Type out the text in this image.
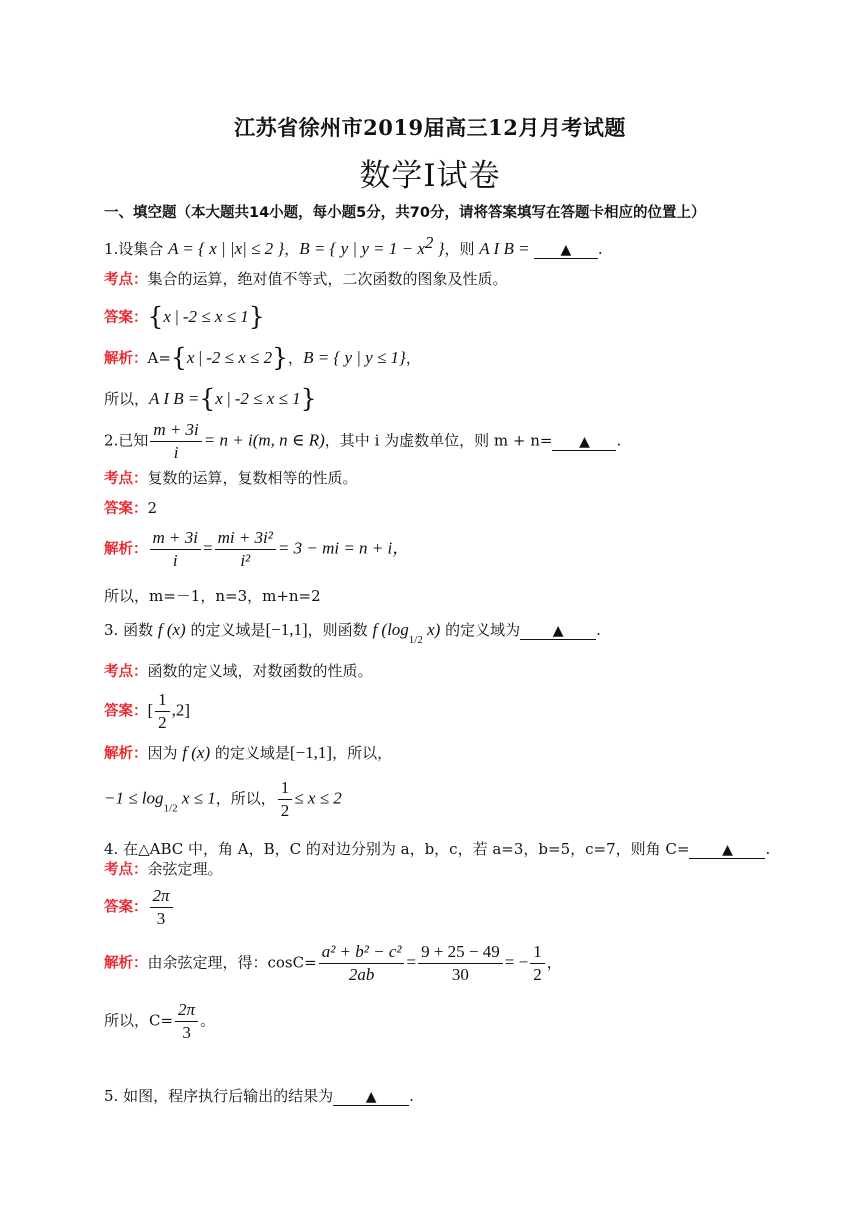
江苏省徐州市2019届高三12月月考试题
数学Ⅰ试卷
一、填空题（本大题共14小题，每小题5分，共70分，请将答案填写在答题卡相应的位置上）
1.设集合 A = { x | |x| ≤ 2 }，B = { y | $y = 1 - x^2$ }，则 A I B = ▲ .
考点：集合的运算，绝对值不等式，二次函数的图象及性质。
答案：{x | -2 ≤ x ≤ 1}
解析：A={x | -2 ≤ x ≤ 2}，B = { y | y ≤ 1}，
所以，A I B ={x | -2 ≤ x ≤ 1}
2.已知 $\frac{m + 3i}{i} = n + i(m$, n ∈ R)，其中 i 为虚数单位，则 m + n= ▲ .
考点：复数的运算，复数相等的性质。
答案：2
解析： $\frac{m + 3i}{i} = \frac{\text{mi + 3i²}}{\text{i²}} = 3$ − mi = n + i，
所以，m=－1，n=3，m+n=2
3. 函数 f (x) 的定义域是[−1,1]，则函数 f ($\log_{1/2}$ x) 的定义域为 ▲ .
考点：函数的定义域，对数函数的性质。
答案：[ $\frac{1}{2} ,2$]
解析：因为 f (x) 的定义域是[−1,1]，所以，
$-1 \le \log_{1/2} x \le 1$，所以， $\frac{1}{2} \le x \le 2$
4. 在△ABC 中，角 A，B，C 的对边分别为 a，b，c，若 a=3，b=5，c=7，则角 C= ▲ .
考点：余弦定理。
答案： $\frac{2\pi}{3}$
解析：由余弦定理，得：$\cos C= \frac{\text{a² + b² − c²}}{2ab} = \frac{9 + 25 - 49}{30}$ = − $\frac{1}{2}$ ，
所以，$C= \frac{2\pi}{3}$ 。
5. 如图，程序执行后输出的结果为 ▲ .
